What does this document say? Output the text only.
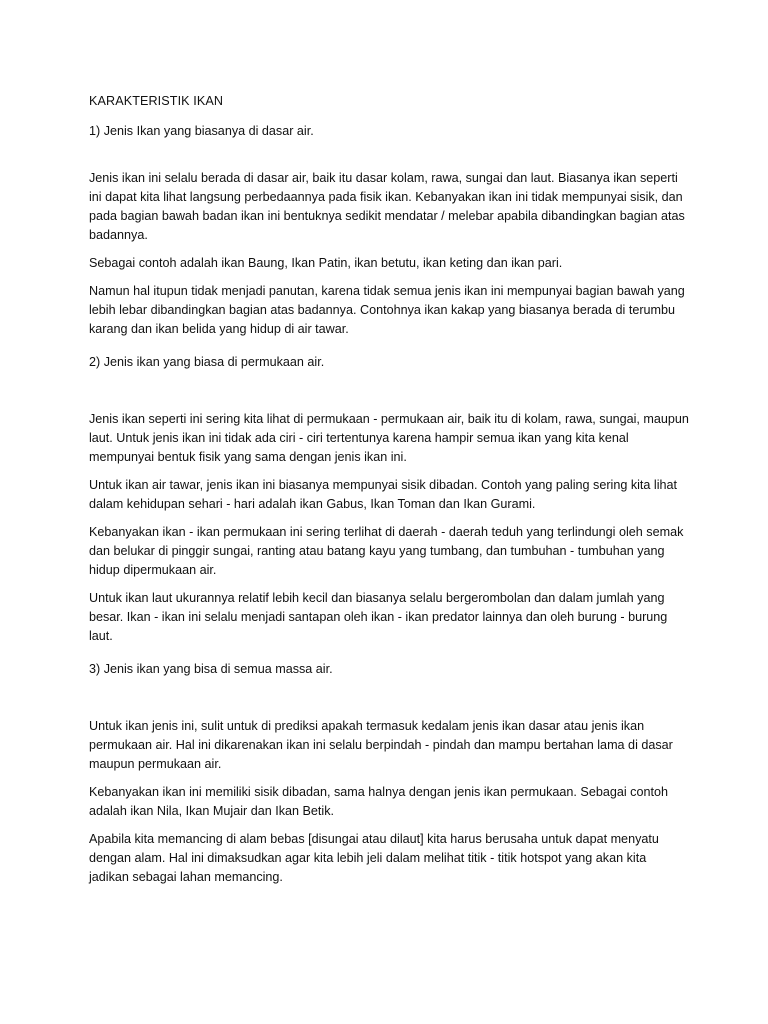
KARAKTERISTIK IKAN
1) Jenis Ikan yang biasanya di dasar air.

Jenis ikan ini selalu berada di dasar air, baik itu dasar kolam, rawa, sungai dan laut. Biasanya ikan seperti ini dapat kita lihat langsung perbedaannya pada fisik ikan. Kebanyakan ikan ini tidak mempunyai sisik, dan pada bagian bawah badan ikan ini bentuknya sedikit mendatar / melebar apabila dibandingkan bagian atas badannya.

Sebagai contoh adalah ikan Baung, Ikan Patin, ikan betutu, ikan keting dan ikan pari.

Namun hal itupun tidak menjadi panutan, karena tidak semua jenis ikan ini mempunyai bagian bawah yang lebih lebar dibandingkan bagian atas badannya. Contohnya ikan kakap yang biasanya berada di terumbu karang dan ikan belida yang hidup di air tawar.

2) Jenis ikan yang biasa di permukaan air.

Jenis ikan seperti ini sering kita lihat di permukaan - permukaan air, baik itu di kolam, rawa, sungai, maupun laut. Untuk jenis ikan ini tidak ada ciri - ciri tertentunya karena hampir semua ikan yang kita kenal mempunyai bentuk fisik yang sama dengan jenis ikan ini.

Untuk ikan air tawar, jenis ikan ini biasanya mempunyai sisik dibadan. Contoh yang paling sering kita lihat dalam kehidupan sehari - hari adalah ikan Gabus, Ikan Toman dan Ikan Gurami.

Kebanyakan ikan - ikan permukaan ini sering terlihat di daerah - daerah teduh yang terlindungi oleh semak dan belukar di pinggir sungai, ranting atau batang kayu yang tumbang, dan tumbuhan - tumbuhan yang hidup dipermukaan air.

Untuk ikan laut ukurannya relatif lebih kecil dan biasanya selalu bergerombolan dan dalam jumlah yang besar. Ikan - ikan ini selalu menjadi santapan oleh ikan - ikan predator lainnya dan oleh burung - burung laut.

3) Jenis ikan yang bisa di semua massa air.

Untuk ikan jenis ini, sulit untuk di prediksi apakah termasuk kedalam jenis ikan dasar atau jenis ikan permukaan air. Hal ini dikarenakan ikan ini selalu berpindah - pindah dan mampu bertahan lama di dasar maupun permukaan air.

Kebanyakan ikan ini memiliki sisik dibadan, sama halnya dengan jenis ikan permukaan. Sebagai contoh adalah ikan Nila, Ikan Mujair dan Ikan Betik.

Apabila kita memancing di alam bebas [disungai atau dilaut] kita harus berusaha untuk dapat menyatu dengan alam. Hal ini dimaksudkan agar kita lebih jeli dalam melihat titik - titik hotspot yang akan kita jadikan sebagai lahan memancing.
